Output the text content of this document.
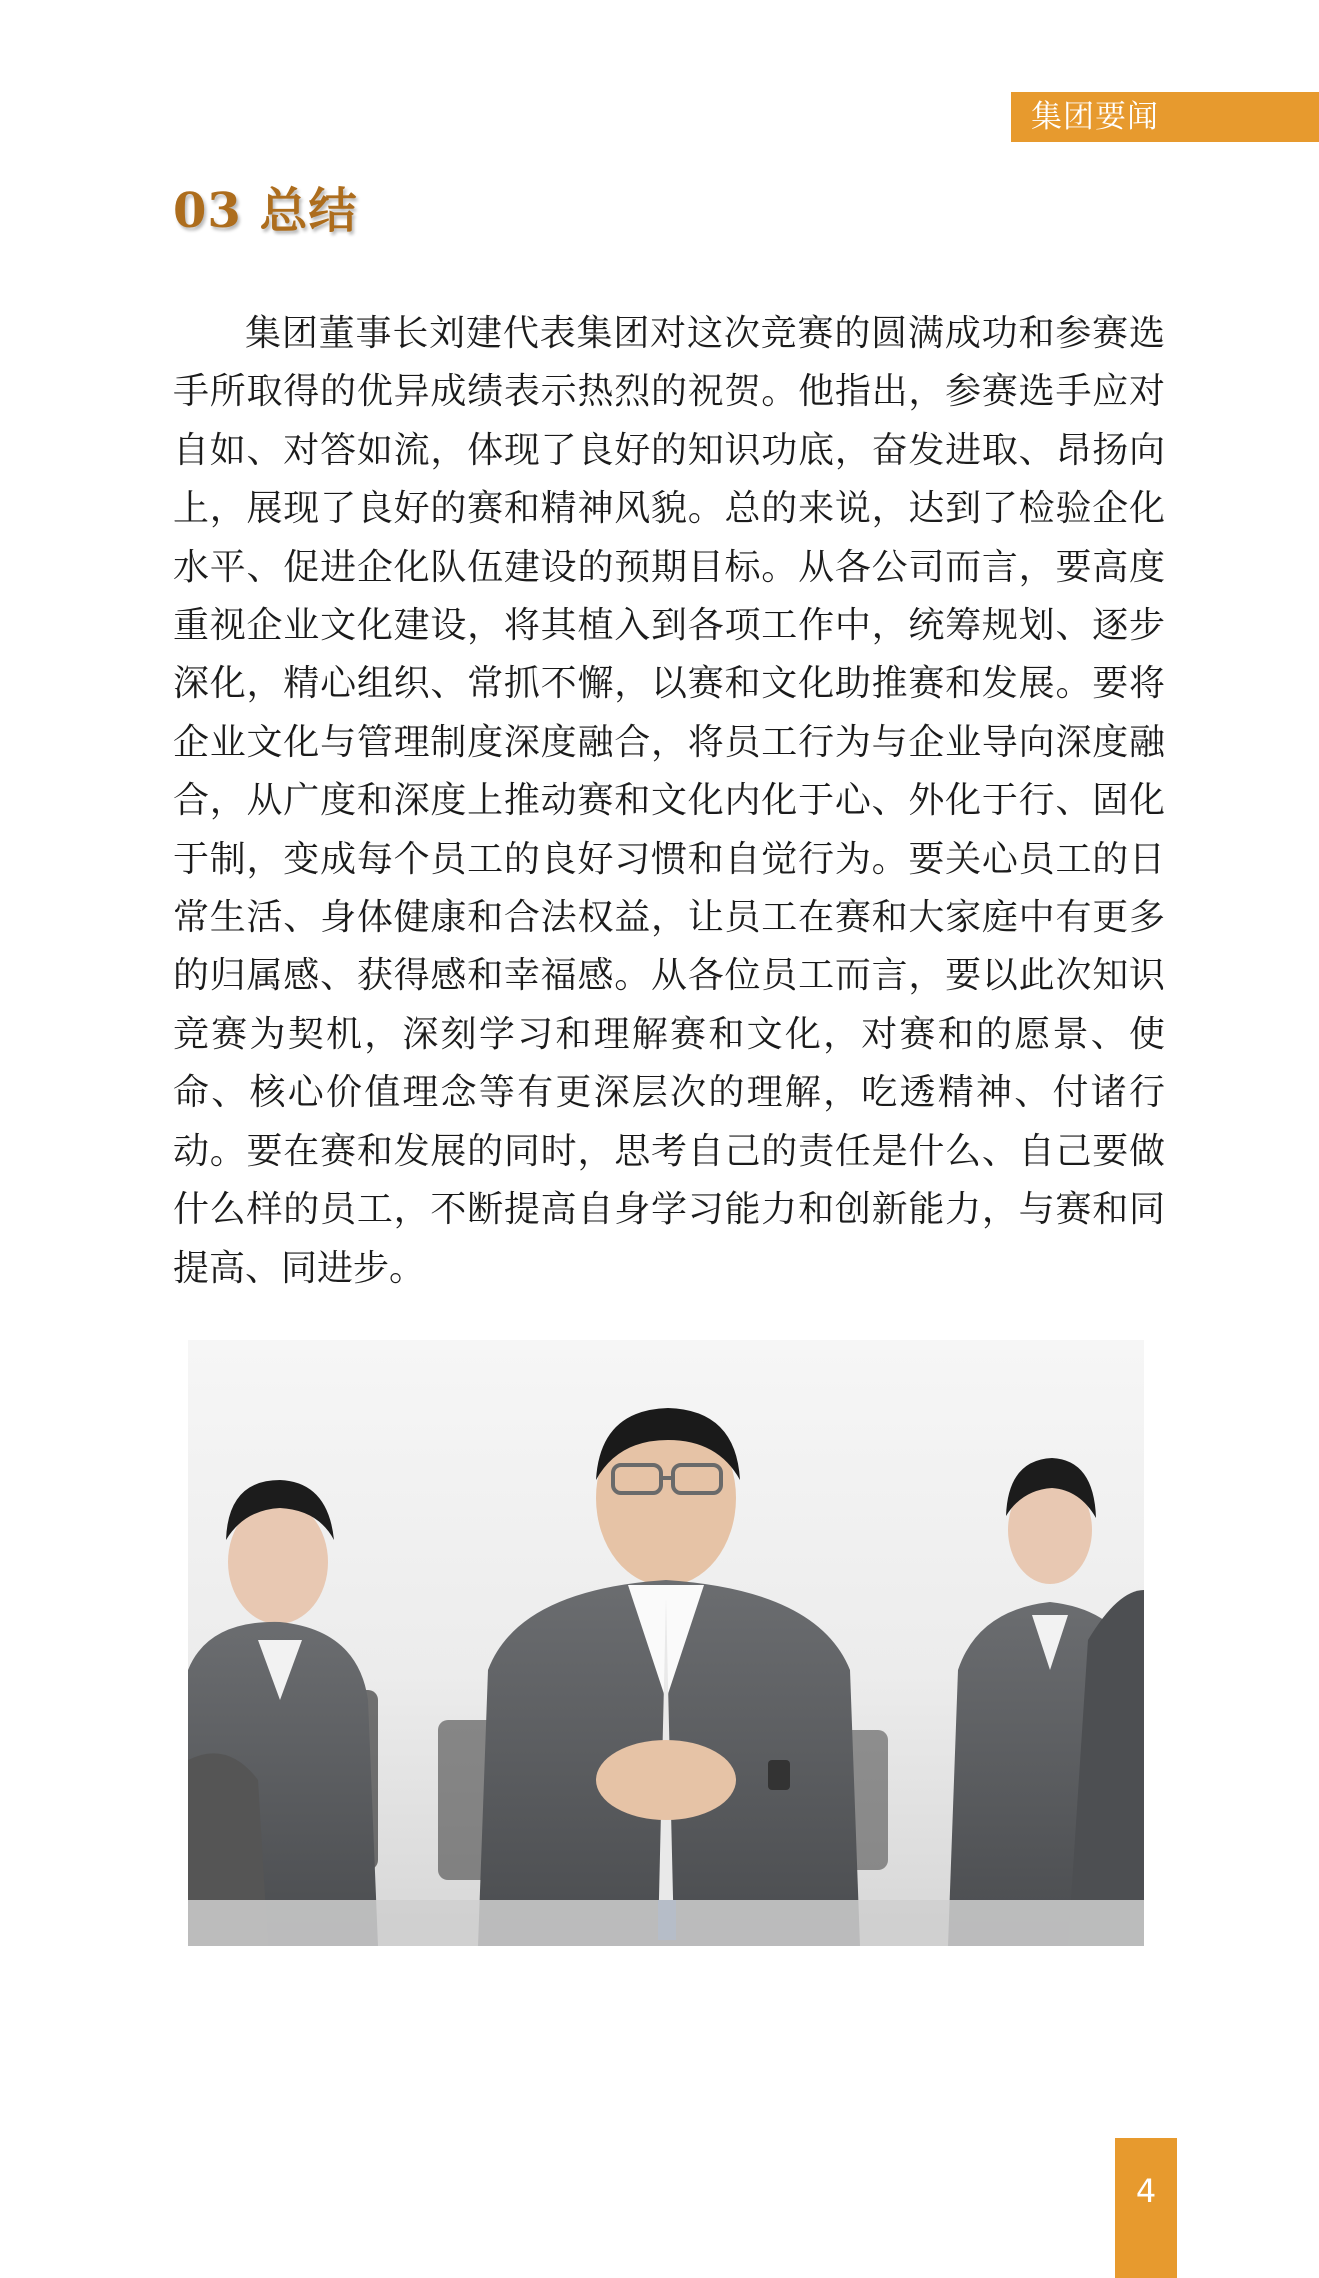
集团要闻
03 总结

集团董事长刘建代表集团对这次竞赛的圆满成功和参赛选手所取得的优异成绩表示热烈的祝贺。他指出，参赛选手应对自如、对答如流，体现了良好的知识功底，奋发进取、昂扬向上，展现了良好的赛和精神风貌。总的来说，达到了检验企化水平、促进企化队伍建设的预期目标。从各公司而言，要高度重视企业文化建设，将其植入到各项工作中，统筹规划、逐步深化，精心组织、常抓不懈，以赛和文化助推赛和发展。要将企业文化与管理制度深度融合，将员工行为与企业导向深度融合，从广度和深度上推动赛和文化内化于心、外化于行、固化于制，变成每个员工的良好习惯和自觉行为。要关心员工的日常生活、身体健康和合法权益，让员工在赛和大家庭中有更多的归属感、获得感和幸福感。从各位员工而言，要以此次知识竞赛为契机，深刻学习和理解赛和文化，对赛和的愿景、使命、核心价值理念等有更深层次的理解，吃透精神、付诸行动。要在赛和发展的同时，思考自己的责任是什么、自己要做什么样的员工，不断提高自身学习能力和创新能力，与赛和同提高、同进步。

4
